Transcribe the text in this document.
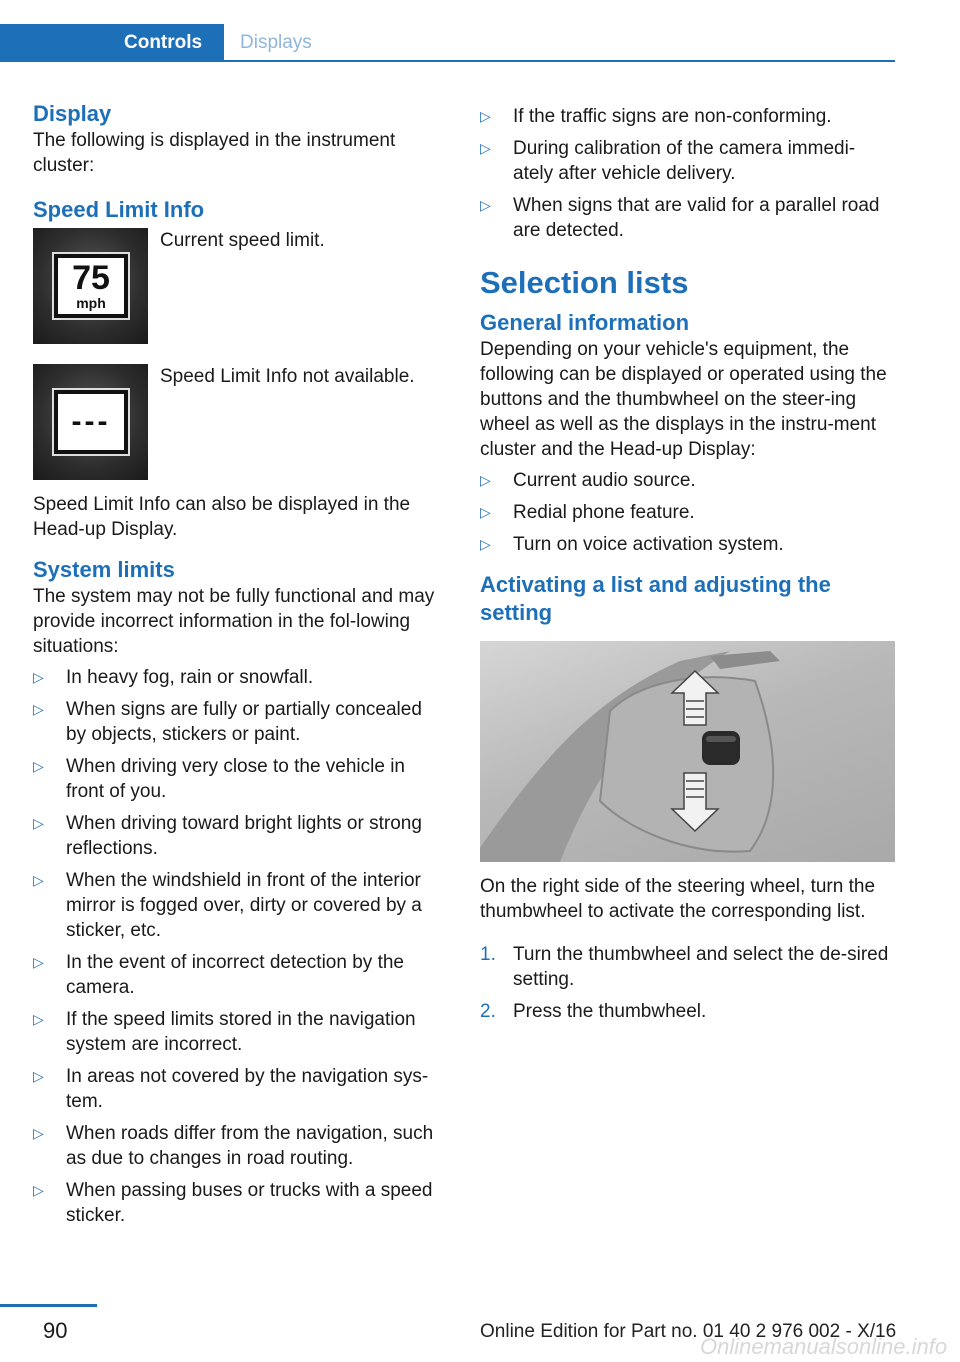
Controls	Displays
Display

The following is displayed in the instrument cluster:

Speed Limit Info
75
mph
Current speed limit.
---
Speed Limit Info not available.

Speed Limit Info can also be displayed in the Head-up Display.

System limits

The system may not be fully functional and may provide incorrect information in the fol‐lowing situations:

▷ In heavy fog, rain or snowfall.
▷ When signs are fully or partially concealed by objects, stickers or paint.
▷ When driving very close to the vehicle in front of you.
▷ When driving toward bright lights or strong reflections.
▷ When the windshield in front of the interior mirror is fogged over, dirty or covered by a sticker, etc.
▷ In the event of incorrect detection by the camera.
▷ If the speed limits stored in the navigation system are incorrect.
▷ In areas not covered by the navigation sys‐tem.
▷ When roads differ from the navigation, such as due to changes in road routing.
▷ When passing buses or trucks with a speed sticker.
▷ If the traffic signs are non-conforming.
▷ During calibration of the camera immedi‐ately after vehicle delivery.
▷ When signs that are valid for a parallel road are detected.
Selection lists
General information

Depending on your vehicle's equipment, the following can be displayed or operated using the buttons and the thumbwheel on the steer‐ing wheel as well as the displays in the instru‐ment cluster and the Head-up Display:

▷ Current audio source.
▷ Redial phone feature.
▷ Turn on voice activation system.
Activating a list and adjusting the setting

On the right side of the steering wheel, turn the thumbwheel to activate the corresponding list.

1. Turn the thumbwheel and select the de‐sired setting.
2. Press the thumbwheel.
90	Online Edition for Part no. 01 40 2 976 002 - X/16
Onlinemanualsonline.info
